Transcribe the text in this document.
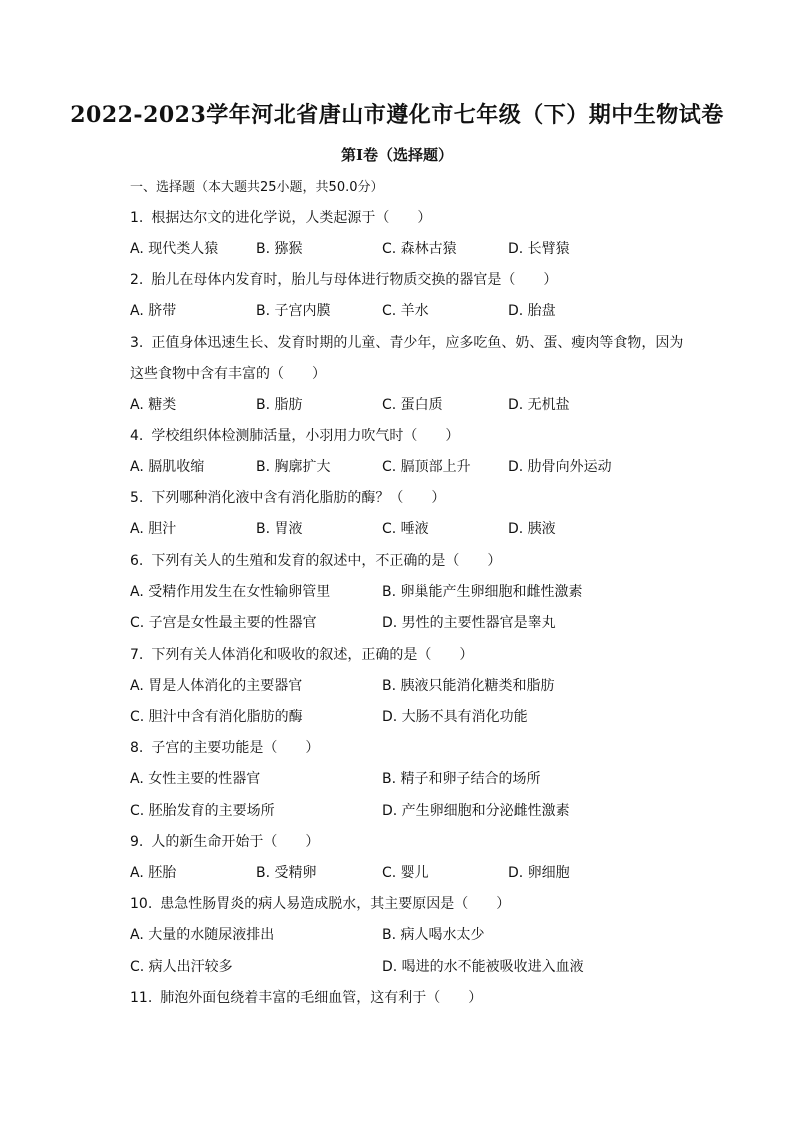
2022-2023学年河北省唐山市遵化市七年级（下）期中生物试卷
第Ⅰ卷（选择题）
一、选择题（本大题共25小题，共50.0分）
1. 根据达尔文的进化学说，人类起源于（　　）
A. 现代类人猿	B. 猕猴	C. 森林古猿	D. 长臂猿
2. 胎儿在母体内发育时，胎儿与母体进行物质交换的器官是（　　）
A. 脐带	B. 子宫内膜	C. 羊水	D. 胎盘
3. 正值身体迅速生长、发育时期的儿童、青少年，应多吃鱼、奶、蛋、瘦肉等食物，因为
这些食物中含有丰富的（　　）
A. 糖类	B. 脂肪	C. 蛋白质	D. 无机盐
4. 学校组织体检测肺活量，小羽用力吹气时（　　）
A. 膈肌收缩	B. 胸廓扩大	C. 膈顶部上升	D. 肋骨向外运动
5. 下列哪种消化液中含有消化脂肪的酶？（　　）
A. 胆汁	B. 胃液	C. 唾液	D. 胰液
6. 下列有关人的生殖和发育的叙述中，不正确的是（　　）
A. 受精作用发生在女性输卵管里	B. 卵巢能产生卵细胞和雌性激素
C. 子宫是女性最主要的性器官	D. 男性的主要性器官是睾丸
7. 下列有关人体消化和吸收的叙述，正确的是（　　）
A. 胃是人体消化的主要器官	B. 胰液只能消化糖类和脂肪
C. 胆汁中含有消化脂肪的酶	D. 大肠不具有消化功能
8. 子宫的主要功能是（　　）
A. 女性主要的性器官	B. 精子和卵子结合的场所
C. 胚胎发育的主要场所	D. 产生卵细胞和分泌雌性激素
9. 人的新生命开始于（　　）
A. 胚胎	B. 受精卵	C. 婴儿	D. 卵细胞
10. 患急性肠胃炎的病人易造成脱水，其主要原因是（　　）
A. 大量的水随尿液排出	B. 病人喝水太少
C. 病人出汗较多	D. 喝进的水不能被吸收进入血液
11. 肺泡外面包绕着丰富的毛细血管，这有利于（　　）
